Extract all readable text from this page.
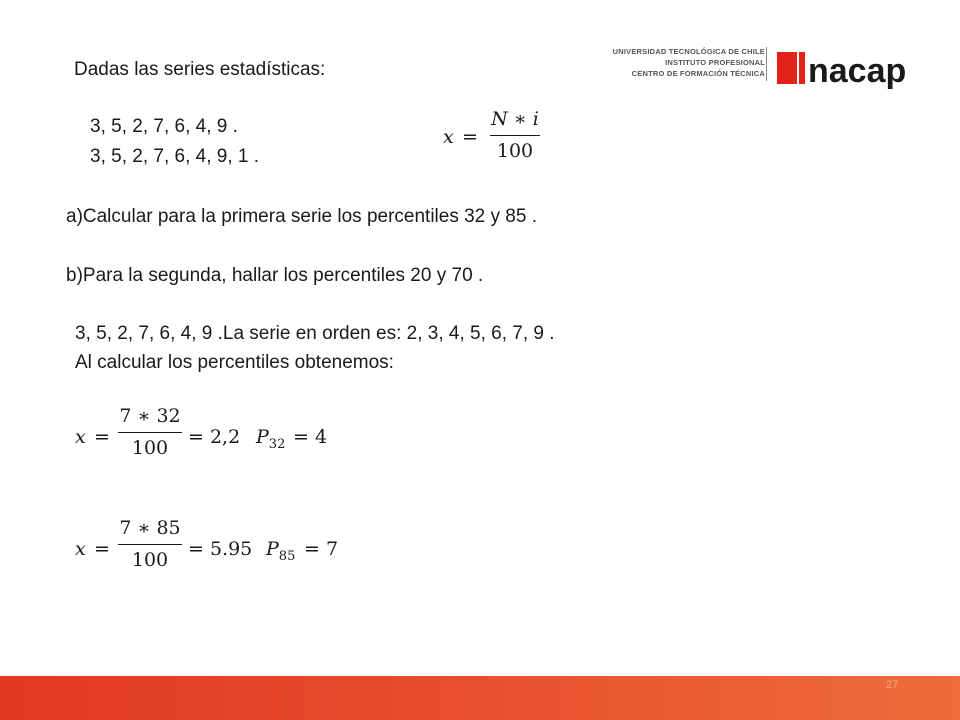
Dadas las series estadísticas:
3, 5, 2, 7, 6, 4, 9 .
3, 5, 2, 7, 6, 4, 9, 1 .
a)Calcular para la primera serie los percentiles 32 y 85 .
b)Para la segunda, hallar los percentiles 20 y 70 .
3, 5, 2, 7, 6, 4, 9 .La serie en orden es: 2, 3, 4, 5, 6, 7, 9 .
Al calcular los percentiles obtenemos:
x =
N ∗ i
100
x =
7 ∗ 32
100 = 2,2 $P_{32} = 4$
x =
7 ∗ 85
100 = 5.95 $P_{85} = 7$
UNIVERSIDAD TECNOLÓGICA DE CHILE
INSTITUTO PROFESIONAL
CENTRO DE FORMACIÓN TÉCNICA nacap
27
